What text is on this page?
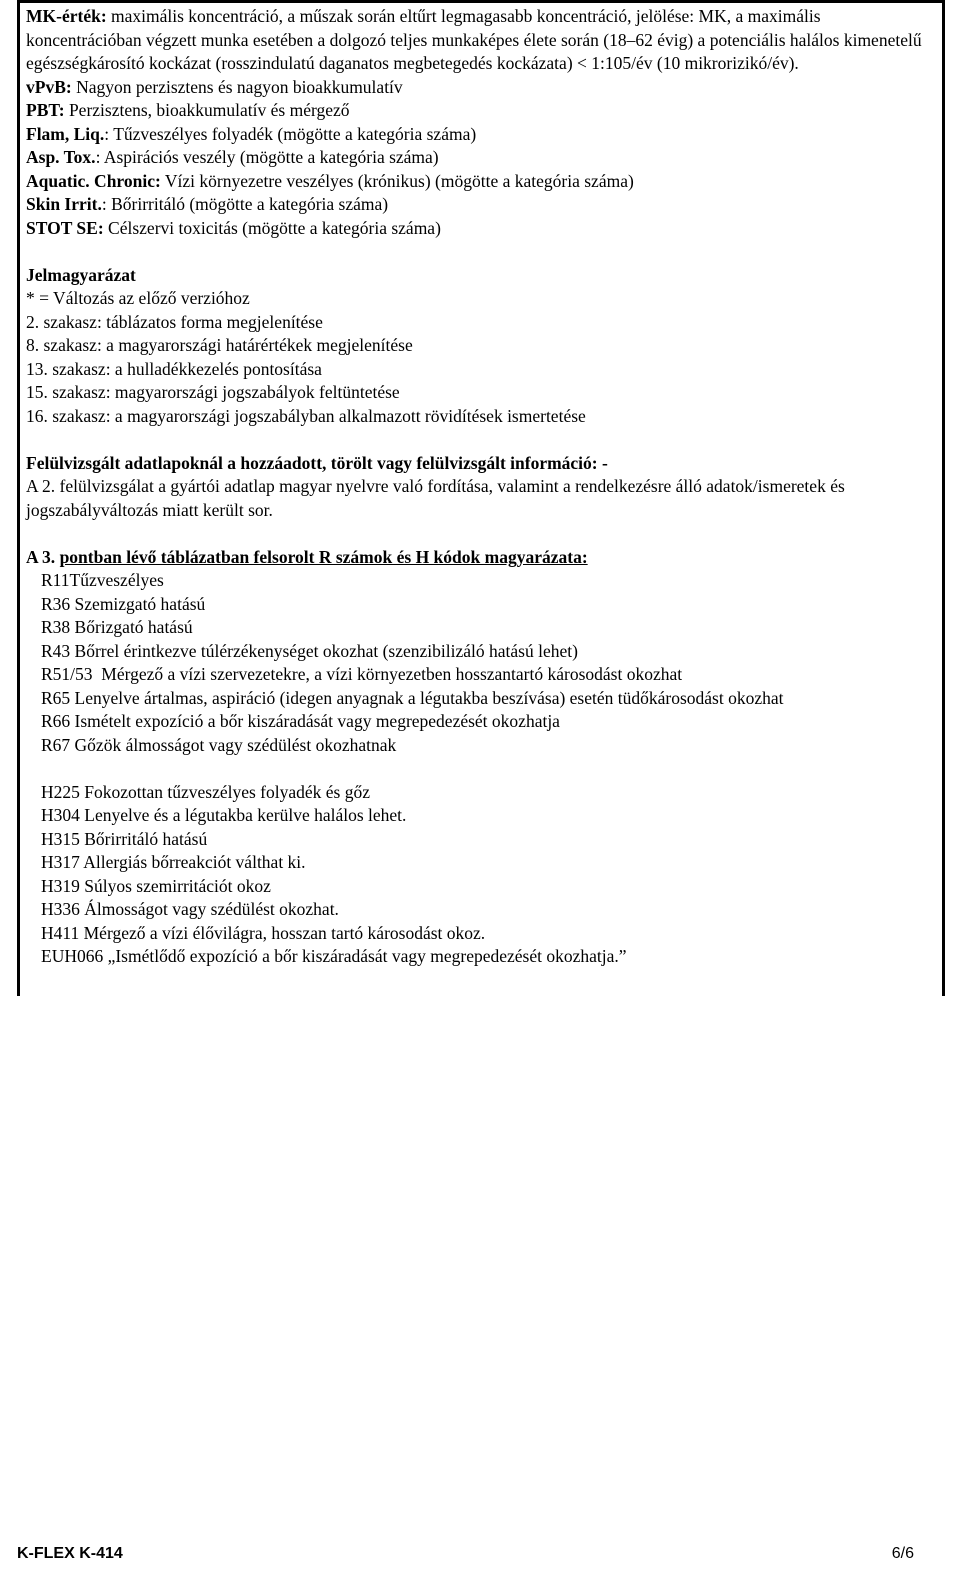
MK-érték: maximális koncentráció, a műszak során eltűrt legmagasabb koncentráció, jelölése: MK, a maximális koncentrációban végzett munka esetében a dolgozó teljes munkaképes élete során (18–62 évig) a potenciális halálos kimenetelű egészségkárosító kockázat (rosszindulatú daganatos megbetegedés kockázata) < 1:105/év (10 mikrorizikó/év).
vPvB: Nagyon perzisztens és nagyon bioakkumulatív
PBT: Perzisztens, bioakkumulatív és mérgező
Flam, Liq.: Tűzveszélyes folyadék (mögötte a kategória száma)
Asp. Tox.: Aspirációs veszély (mögötte a kategória száma)
Aquatic. Chronic: Vízi környezetre veszélyes (krónikus) (mögötte a kategória száma)
Skin Irrit.: Bőrirritáló (mögötte a kategória száma)
STOT SE: Célszervi toxicitás (mögötte a kategória száma)
Jelmagyarázat
* = Változás az előző verzióhoz
2. szakasz: táblázatos forma megjelenítése
8. szakasz: a magyarországi határértékek megjelenítése
13. szakasz: a hulladékkezelés pontosítása
15. szakasz: magyarországi jogszabályok feltüntetése
16. szakasz: a magyarországi jogszabályban alkalmazott rövidítések ismertetése
Felülvizsgált adatlapoknál a hozzáadott, törölt vagy felülvizsgált információ: -
A 2. felülvizsgálat a gyártói adatlap magyar nyelvre való fordítása, valamint a rendelkezésre álló adatok/ismeretek és jogszabályváltozás miatt került sor.
A 3. pontban lévő táblázatban felsorolt R számok és H kódok magyarázata:
R11Tűzveszélyes
R36 Szemizgató hatású
R38 Bőrizgató hatású
R43 Bőrrel érintkezve túlérzékenységet okozhat (szenzibilizáló hatású lehet)
R51/53  Mérgező a vízi szervezetekre, a vízi környezetben hosszantartó károsodást okozhat
R65 Lenyelve ártalmas, aspiráció (idegen anyagnak a légutakba beszívása) esetén tüdőkárosodást okozhat
R66 Ismételt expozíció a bőr kiszáradását vagy megrepedezését okozhatja
R67 Gőzök álmosságot vagy szédülést okozhatnak
H225 Fokozottan tűzveszélyes folyadék és gőz
H304 Lenyelve és a légutakba kerülve halálos lehet.
H315 Bőrirritáló hatású
H317 Allergiás bőrreakciót válthat ki.
H319 Súlyos szemirritációt okoz
H336 Álmosságot vagy szédülést okozhat.
H411 Mérgező a vízi élővilágra, hosszan tartó károsodást okoz.
EUH066 „Ismétlődő expozíció a bőr kiszáradását vagy megrepedezését okozhatja.”
K-FLEX K-414	6/6
